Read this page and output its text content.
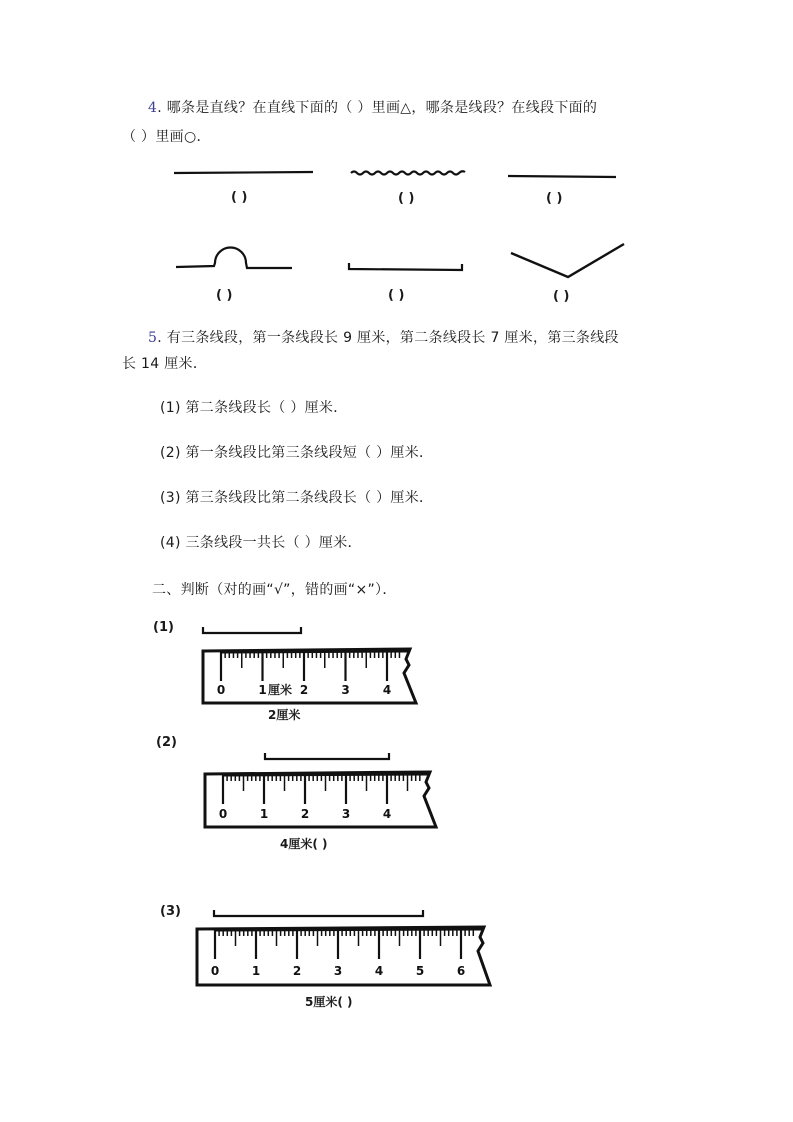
4. 哪条是直线？在直线下面的（ ）里画△，哪条是线段？在线段下面的
（ ）里画○．
( )	( )	( )
( )	( )	( )
5. 有三条线段，第一条线段长 9 厘米，第二条线段长 7 厘米，第三条线段
长 14 厘米．
(1) 第二条线段长（ ）厘米．
(2) 第一条线段比第三条线段短（ ）厘米．
(3) 第三条线段比第二条线段长（ ）厘米．
(4) 三条线段一共长（ ）厘米．
二、判断（对的画“√”，错的画“×”）．
(1)
0	1	2	3	4
2厘米
厘米
(2)
0	1	2	3	4
4厘米( )
(3)
0	1	2	3	4	5	6
5厘米( )
